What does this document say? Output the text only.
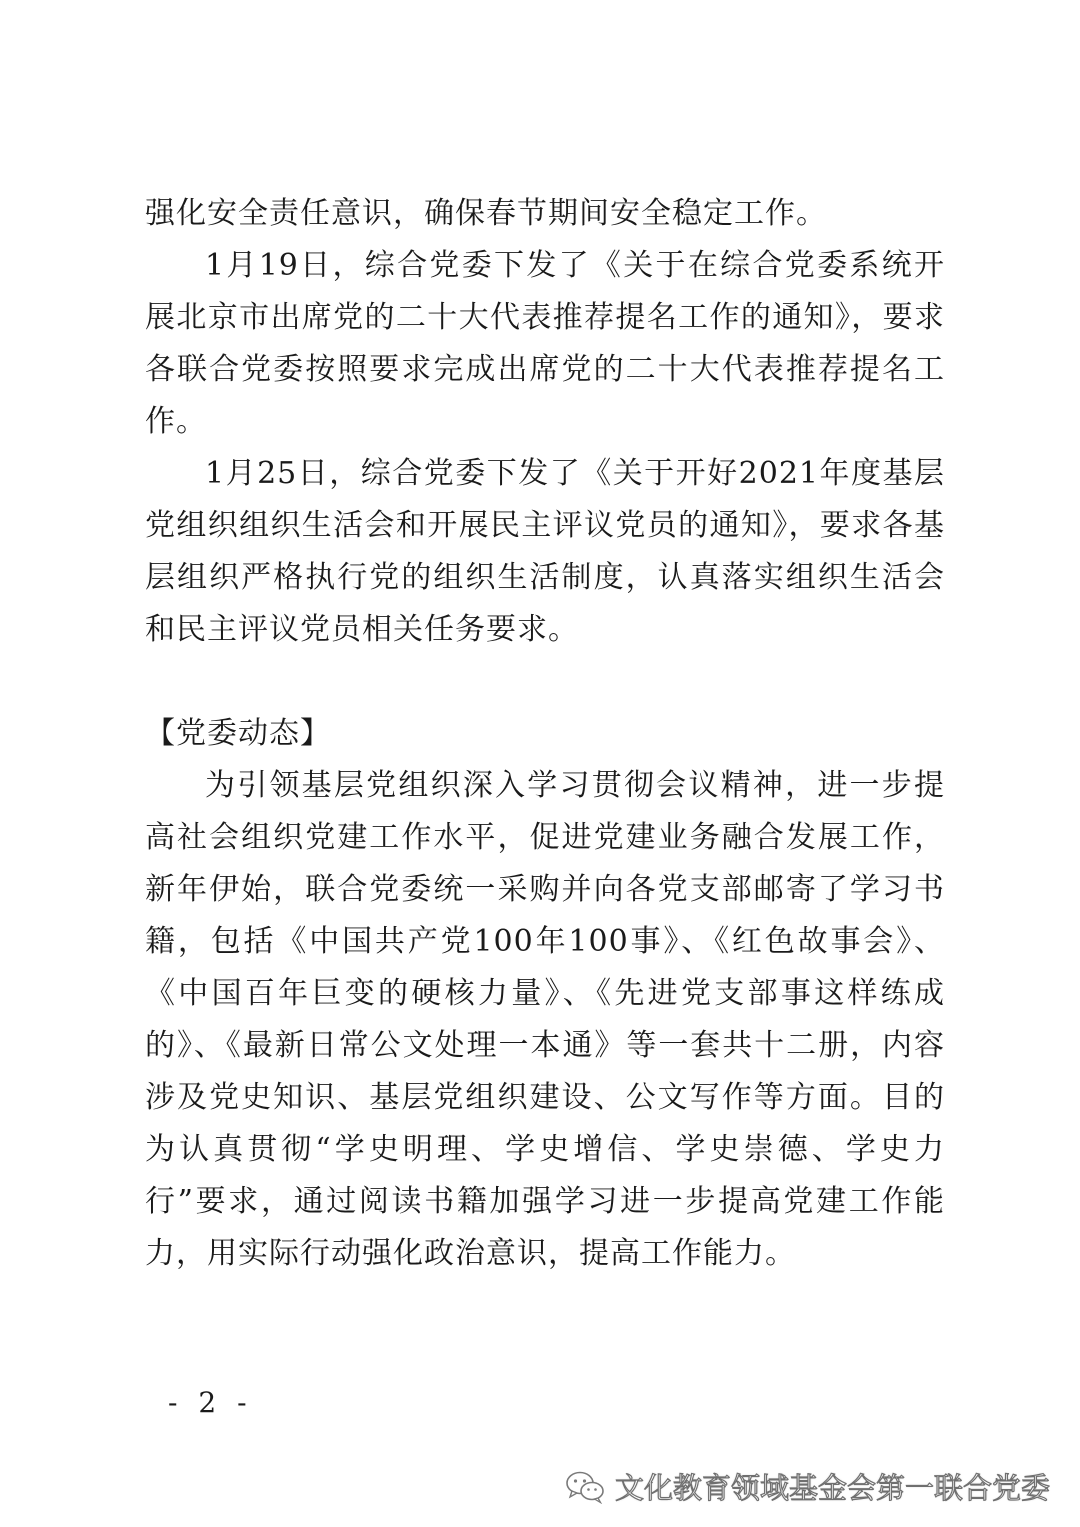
强化安全责任意识，确保春节期间安全稳定工作。

1月19日，综合党委下发了《关于在综合党委系统开展北京市出席党的二十大代表推荐提名工作的通知》，要求各联合党委按照要求完成出席党的二十大代表推荐提名工作。

1月25日，综合党委下发了《关于开好2021年度基层党组织组织生活会和开展民主评议党员的通知》，要求各基层组织严格执行党的组织生活制度，认真落实组织生活会和民主评议党员相关任务要求。

【党委动态】

为引领基层党组织深入学习贯彻会议精神，进一步提高社会组织党建工作水平，促进党建业务融合发展工作，新年伊始，联合党委统一采购并向各党支部邮寄了学习书籍，包括《中国共产党100年100事》、《红色故事会》、《中国百年巨变的硬核力量》、《先进党支部事这样练成的》、《最新日常公文处理一本通》等一套共十二册，内容涉及党史知识、基层党组织建设、公文写作等方面。目的为认真贯彻“学史明理、学史增信、学史崇德、学史力行”要求，通过阅读书籍加强学习进一步提高党建工作能力，用实际行动强化政治意识，提高工作能力。

- 2 -
文化教育领域基金会第一联合党委
